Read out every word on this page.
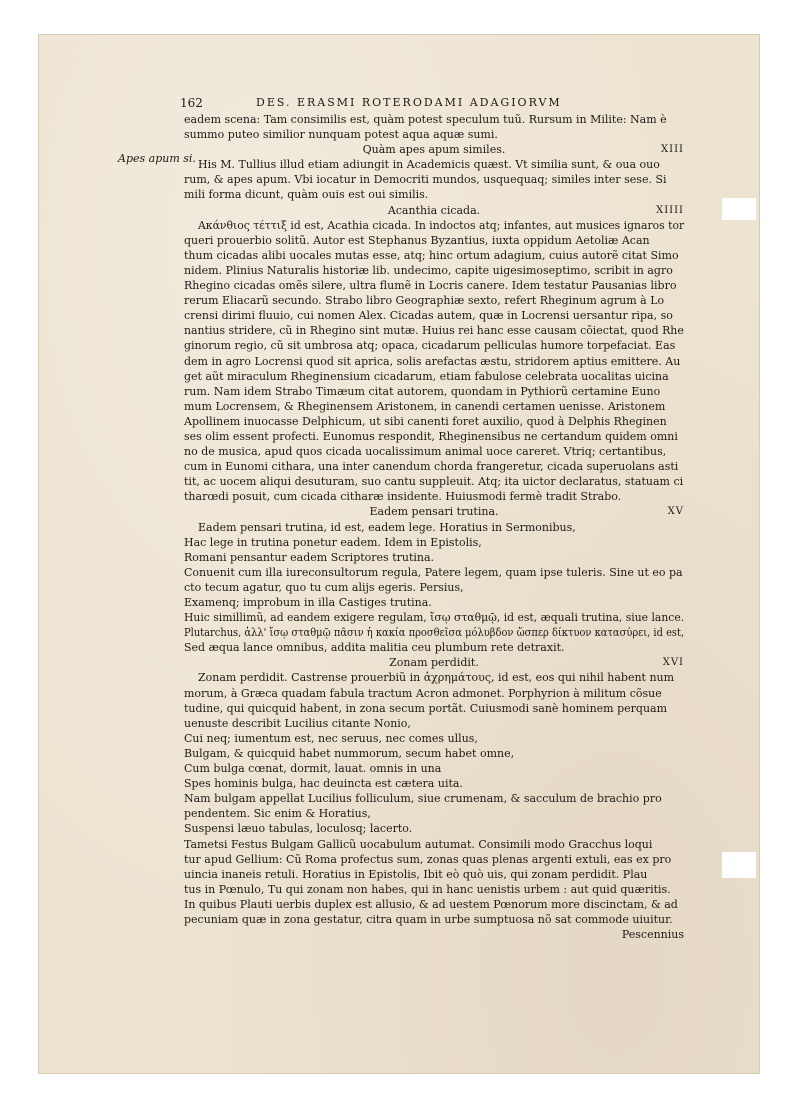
162	DES. ERASMI ROTERODAMI ADAGIORVM
Apes apum si.
eadem scena: Tam consimilis est, quàm potest speculum tuũ. Rursum in Milite: Nam è
summo puteo similior nunquam potest aqua aquæ sumi.
Quàm apes apum similes.	XIII
His M. Tullius illud etiam adiungit in Academicis quæst. Vt similia sunt, & oua ouo
rum, & apes apum. Vbi iocatur in Democriti mundos, usquequaq; similes inter sese. Si
mili forma dicunt, quàm ouis est oui similis.
Acanthia cicada.	XIIII
Ακάνθιος τέττιξ id est, Acathia cicada. In indoctos atq; infantes, aut musices ignaros tor
queri prouerbio solitũ. Autor est Stephanus Byzantius, iuxta oppidum Aetoliæ Acan
thum cicadas alibi uocales mutas esse, atq; hinc ortum adagium, cuius autorẽ citat Simo
nidem. Plinius Naturalis historiæ lib. undecimo, capite uigesimoseptimo, scribit in agro
Rhegino cicadas omẽs silere, ultra flumẽ in Locris canere. Idem testatur Pausanias libro
rerum Eliacarũ secundo. Strabo libro Geographiæ sexto, refert Rheginum agrum à Lo
crensi dirimi fluuio, cui nomen Alex. Cicadas autem, quæ in Locrensi uersantur ripa, so
nantius stridere, cũ in Rhegino sint mutæ. Huius rei hanc esse causam cõiectat, quod Rhe
ginorum regio, cũ sit umbrosa atq; opaca, cicadarum pelliculas humore torpefaciat. Eas
dem in agro Locrensi quod sit aprica, solis arefactas æstu, stridorem aptius emittere. Au
get aũt miraculum Rheginensium cicadarum, etiam fabulose celebrata uocalitas uicina
rum. Nam idem Strabo Timæum citat autorem, quondam in Pythiorũ certamine Euno
mum Locrensem, & Rheginensem Aristonem, in canendi certamen uenisse. Aristonem
Apollinem inuocasse Delphicum, ut sibi canenti foret auxilio, quod à Delphis Rheginen
ses olim essent profecti. Eunomus respondit, Rheginensibus ne certandum quidem omni
no de musica, apud quos cicada uocalissimum animal uoce careret. Vtriq; certantibus,
cum in Eunomi cithara, una inter canendum chorda frangeretur, cicada superuolans asti
tit, ac uocem aliqui desuturam, suo cantu suppleuit. Atq; ita uictor declaratus, statuam ci
tharœdi posuit, cum cicada citharæ insidente. Huiusmodi fermè tradit Strabo.
Eadem pensari trutina.	XV
Eadem pensari trutina, id est, eadem lege. Horatius in Sermonibus,
Hac lege in trutina ponetur eadem. Idem in Epistolis,
Romani pensantur eadem Scriptores trutina.
Conuenit cum illa iureconsultorum regula, Patere legem, quam ipse tuleris. Sine ut eo pa
cto tecum agatur, quo tu cum alijs egeris. Persius,
Examenq; improbum in illa Castiges trutina.
Huic simillimũ, ad eandem exigere regulam, ἴσῳ σταθμῷ, id est, æquali trutina, siue lance.
Plutarchus, ἀλλ' ἴσῳ σταθμῷ πᾶσιν ἡ κακία προσθεῖσα μόλυβδον ὥσπερ δίκτυον κατασύρει, id est,
Sed æqua lance omnibus, addita malitia ceu plumbum rete detraxit.
Zonam perdidit.	XVI
Zonam perdidit. Castrense prouerbiũ in ἀχρημάτους, id est, eos qui nihil habent num
morum, à Græca quadam fabula tractum Acron admonet. Porphyrion à militum cõsue
tudine, qui quicquid habent, in zona secum portãt. Cuiusmodi sanè hominem perquam
uenuste describit Lucilius citante Nonio,
Cui neq; iumentum est, nec seruus, nec comes ullus,
Bulgam, & quicquid habet nummorum, secum habet omne,
Cum bulga cœnat, dormit, lauat. omnis in una
Spes hominis bulga, hac deuincta est cætera uita.
Nam bulgam appellat Lucilius folliculum, siue crumenam, & sacculum de brachio pro
pendentem. Sic enim & Horatius,
Suspensi læuo tabulas, loculosq; lacerto.
Tametsi Festus Bulgam Gallicũ uocabulum autumat. Consimili modo Gracchus loqui
tur apud Gellium: Cũ Roma profectus sum, zonas quas plenas argenti extuli, eas ex pro
uincia inaneis retuli. Horatius in Epistolis, Ibit eò quò uis, qui zonam perdidit. Plau
tus in Pœnulo, Tu qui zonam non habes, qui in hanc uenistis urbem : aut quid quæritis.
In quibus Plauti uerbis duplex est allusio, & ad uestem Pœnorum more discinctam, & ad
pecuniam quæ in zona gestatur, citra quam in urbe sumptuosa nõ sat commode uiuitur.
Pescennius
